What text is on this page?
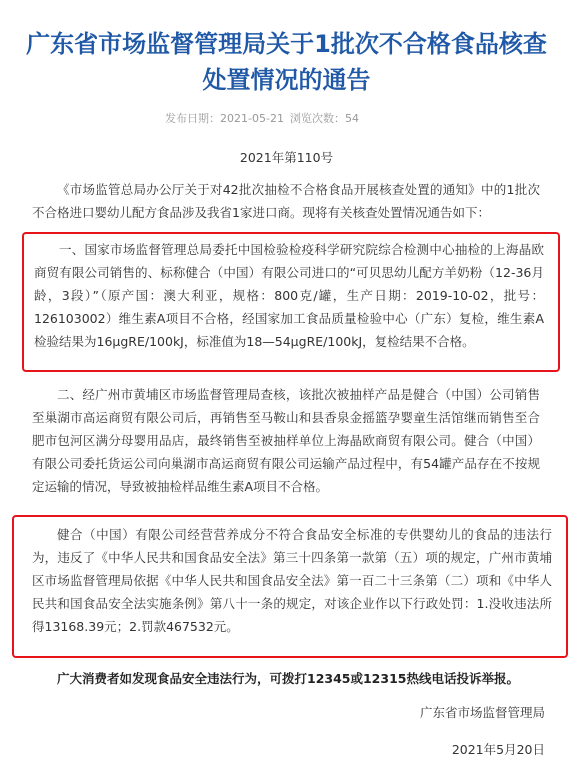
广东省市场监督管理局关于1批次不合格食品核查
处置情况的通告
发布日期：2021-05-21 浏览次数：54
2021年第110号

《市场监管总局办公厅关于对42批次抽检不合格食品开展核查处置的通知》中的1批次不合格进口婴幼儿配方食品涉及我省1家进口商。现将有关核查处置情况通告如下：

一、国家市场监督管理总局委托中国检验检疫科学研究院综合检测中心抽检的上海晶欧商贸有限公司销售的、标称健合（中国）有限公司进口的“可贝思幼儿配方羊奶粉（12-36月龄，3段）”（原产国：澳大利亚，规格：800克/罐，生产日期：2019-10-02，批号：126103002）维生素A项目不合格，经国家加工食品质量检验中心（广东）复检，维生素A检验结果为16μgRE/100kJ，标准值为18—54μgRE/100kJ，复检结果不合格。

二、经广州市黄埔区市场监督管理局查核，该批次被抽样产品是健合（中国）公司销售至巢湖市高运商贸有限公司后，再销售至马鞍山和县香泉金摇篮孕婴童生活馆继而销售至合肥市包河区满分母婴用品店，最终销售至被抽样单位上海晶欧商贸有限公司。健合（中国）有限公司委托货运公司向巢湖市高运商贸有限公司运输产品过程中，有54罐产品存在不按规定运输的情况，导致被抽检样品维生素A项目不合格。

健合（中国）有限公司经营营养成分不符合食品安全标准的专供婴幼儿的食品的违法行为，违反了《中华人民共和国食品安全法》第三十四条第一款第（五）项的规定，广州市黄埔区市场监督管理局依据《中华人民共和国食品安全法》第一百二十三条第（二）项和《中华人民共和国食品安全法实施条例》第八十一条的规定，对该企业作以下行政处罚：1.没收违法所得13168.39元；2.罚款467532元。

广大消费者如发现食品安全违法行为，可拨打12345或12315热线电话投诉举报。

广东省市场监督管理局
2021年5月20日
